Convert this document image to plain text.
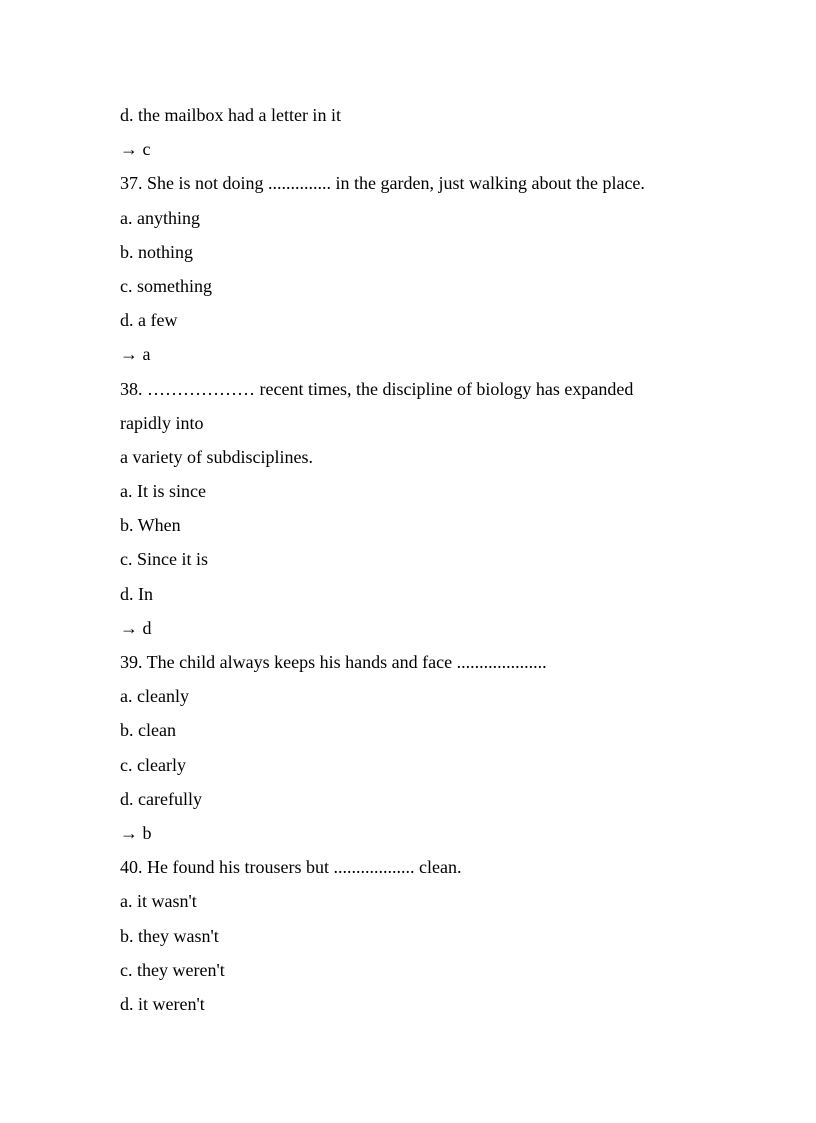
d. the mailbox had a letter in it
→ c
37. She is not doing .............. in the garden, just walking about the place.
a. anything
b. nothing
c. something
d. a few
→ a
38. ……………… recent times, the discipline of biology has expanded
rapidly into
a variety of subdisciplines.
a. It is since
b. When
c. Since it is
d. In
→ d
39. The child always keeps his hands and face ....................
a. cleanly
b. clean
c. clearly
d. carefully
→ b
40. He found his trousers but .................. clean.
a. it wasn't
b. they wasn't
c. they weren't
d. it weren't
